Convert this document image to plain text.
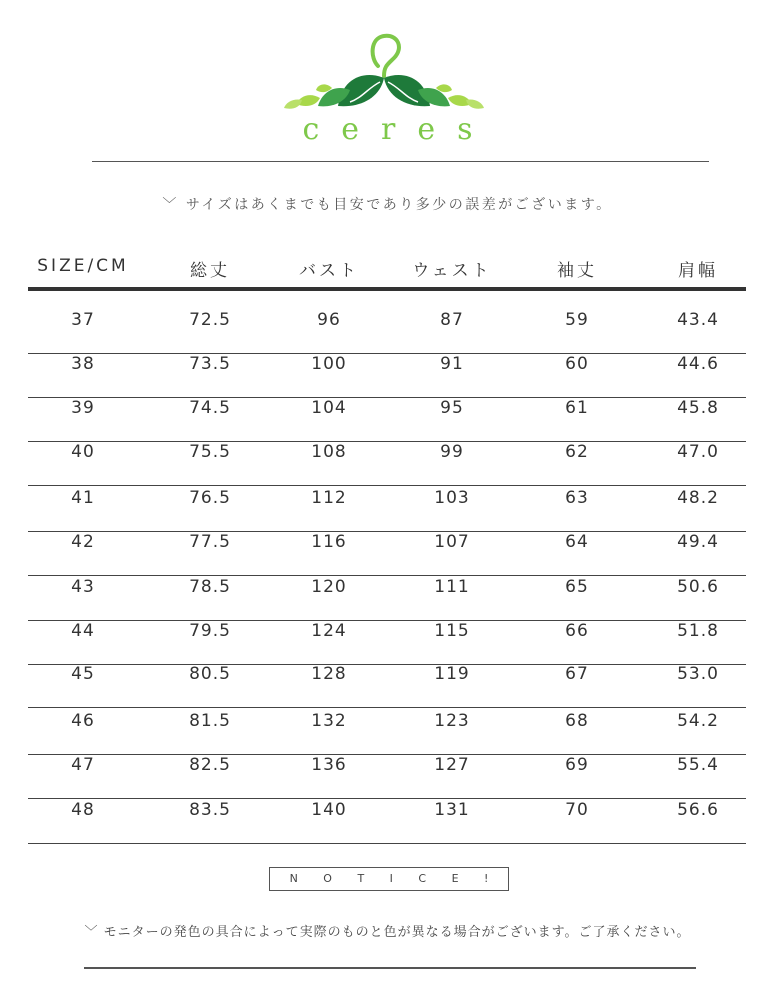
ceres
﹀ サイズはあくまでも目安であり多少の誤差がございます。
SIZE/CM	総丈	バスト	ウェスト	袖丈	肩幅
37	72.5	96	87	59	43.4
38	73.5	100	91	60	44.6
39	74.5	104	95	61	45.8
40	75.5	108	99	62	47.0
41	76.5	112	103	63	48.2
42	77.5	116	107	64	49.4
43	78.5	120	111	65	50.6
44	79.5	124	115	66	51.8
45	80.5	128	119	67	53.0
46	81.5	132	123	68	54.2
47	82.5	136	127	69	55.4
48	83.5	140	131	70	56.6
N O T I C E !
﹀ モニターの発色の具合によって実際のものと色が異なる場合がございます。ご了承ください。
